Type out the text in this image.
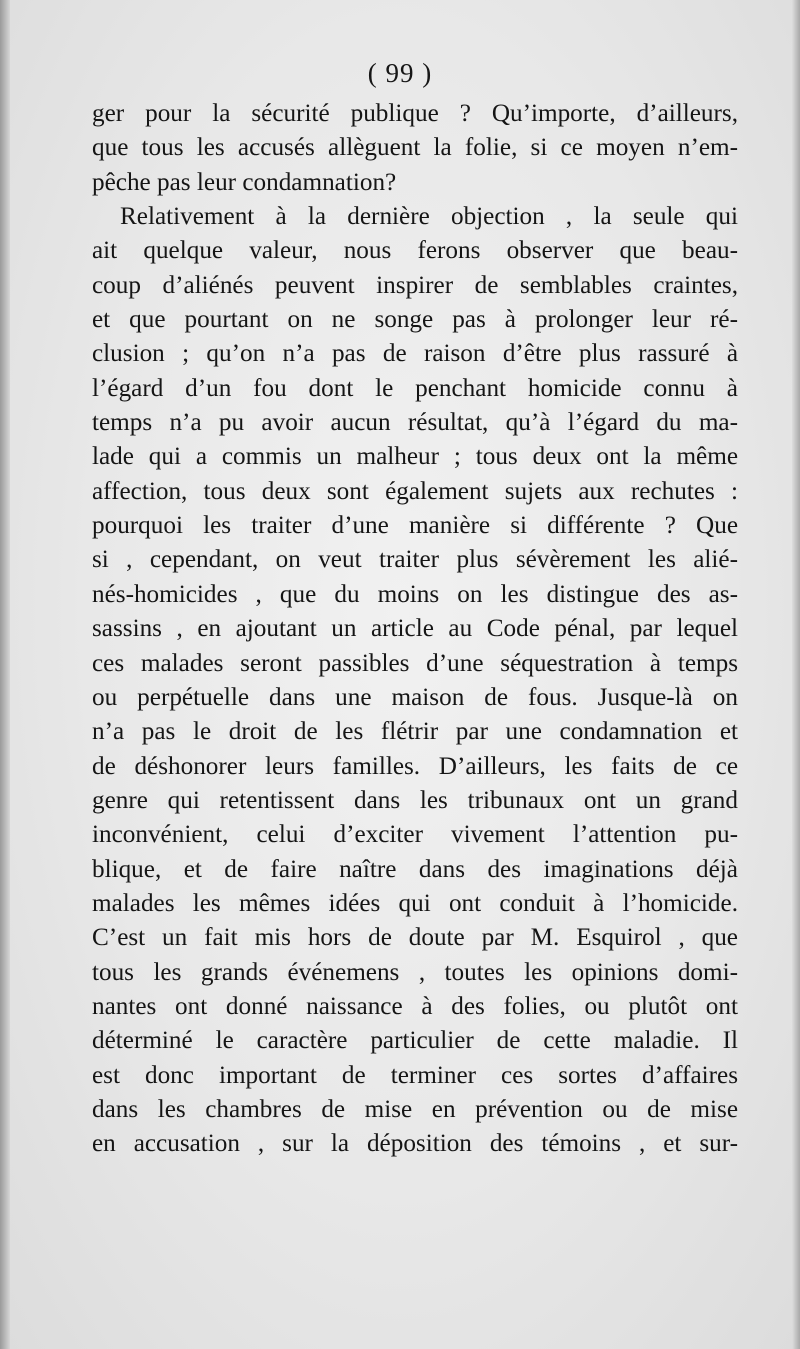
( 99 )
ger pour la sécurité publique ? Qu’importe, d’ailleurs,
que tous les accusés allèguent la folie, si ce moyen n’em-
pêche pas leur condamnation?
Relativement à la dernière objection , la seule qui
ait quelque valeur, nous ferons observer que beau-
coup d’aliénés peuvent inspirer de semblables craintes,
et que pourtant on ne songe pas à prolonger leur ré-
clusion ; qu’on n’a pas de raison d’être plus rassuré à
l’égard d’un fou dont le penchant homicide connu à
temps n’a pu avoir aucun résultat, qu’à l’égard du ma-
lade qui a commis un malheur ; tous deux ont la même
affection, tous deux sont également sujets aux rechutes :
pourquoi les traiter d’une manière si différente ? Que
si , cependant, on veut traiter plus sévèrement les alié-
nés-homicides , que du moins on les distingue des as-
sassins , en ajoutant un article au Code pénal, par lequel
ces malades seront passibles d’une séquestration à temps
ou perpétuelle dans une maison de fous. Jusque-là on
n’a pas le droit de les flétrir par une condamnation et
de déshonorer leurs familles. D’ailleurs, les faits de ce
genre qui retentissent dans les tribunaux ont un grand
inconvénient, celui d’exciter vivement l’attention pu-
blique, et de faire naître dans des imaginations déjà
malades les mêmes idées qui ont conduit à l’homicide.
C’est un fait mis hors de doute par M. Esquirol , que
tous les grands événemens , toutes les opinions domi-
nantes ont donné naissance à des folies, ou plutôt ont
déterminé le caractère particulier de cette maladie. Il
est donc important de terminer ces sortes d’affaires
dans les chambres de mise en prévention ou de mise
en accusation , sur la déposition des témoins , et sur-
